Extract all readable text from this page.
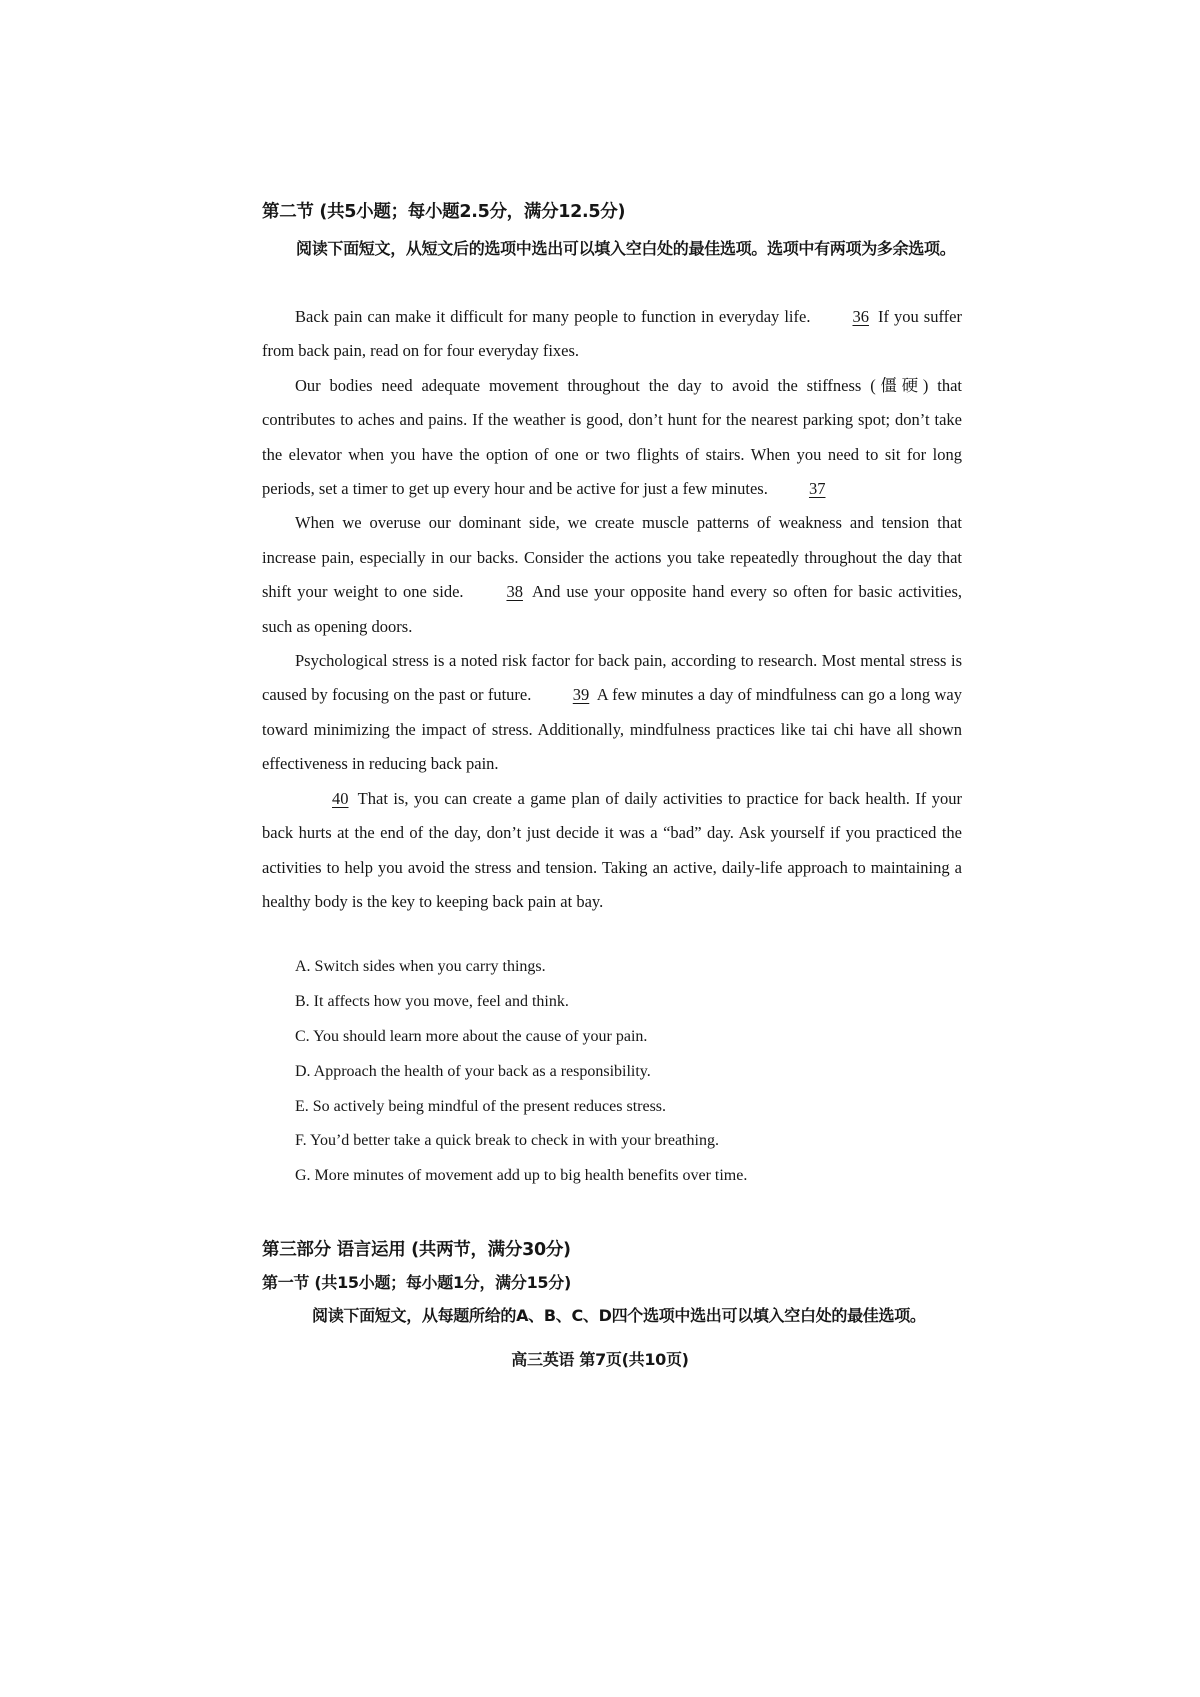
第二节 (共5小题；每小题2.5分，满分12.5分)
阅读下面短文，从短文后的选项中选出可以填入空白处的最佳选项。选项中有两项为多余选项。

Back pain can make it difficult for many people to function in everyday life. 36 If you suffer from back pain, read on for four everyday fixes.

Our bodies need adequate movement throughout the day to avoid the stiffness (僵硬) that contributes to aches and pains. If the weather is good, don’t hunt for the nearest parking spot; don’t take the elevator when you have the option of one or two flights of stairs. When you need to sit for long periods, set a timer to get up every hour and be active for just a few minutes. 37

When we overuse our dominant side, we create muscle patterns of weakness and tension that increase pain, especially in our backs. Consider the actions you take repeatedly throughout the day that shift your weight to one side. 38 And use your opposite hand every so often for basic activities, such as opening doors.

Psychological stress is a noted risk factor for back pain, according to research. Most mental stress is caused by focusing on the past or future. 39 A few minutes a day of mindfulness can go a long way toward minimizing the impact of stress. Additionally, mindfulness practices like tai chi have all shown effectiveness in reducing back pain.

40 That is, you can create a game plan of daily activities to practice for back health. If your back hurts at the end of the day, don’t just decide it was a “bad” day. Ask yourself if you practiced the activities to help you avoid the stress and tension. Taking an active, daily-life approach to maintaining a healthy body is the key to keeping back pain at bay.

A. Switch sides when you carry things.
B. It affects how you move, feel and think.
C. You should learn more about the cause of your pain.
D. Approach the health of your back as a responsibility.
E. So actively being mindful of the present reduces stress.
F. You’d better take a quick break to check in with your breathing.
G. More minutes of movement add up to big health benefits over time.
第三部分 语言运用 (共两节，满分30分)
第一节 (共15小题；每小题1分，满分15分)
阅读下面短文，从每题所给的A、B、C、D四个选项中选出可以填入空白处的最佳选项。
高三英语 第7页(共10页)
